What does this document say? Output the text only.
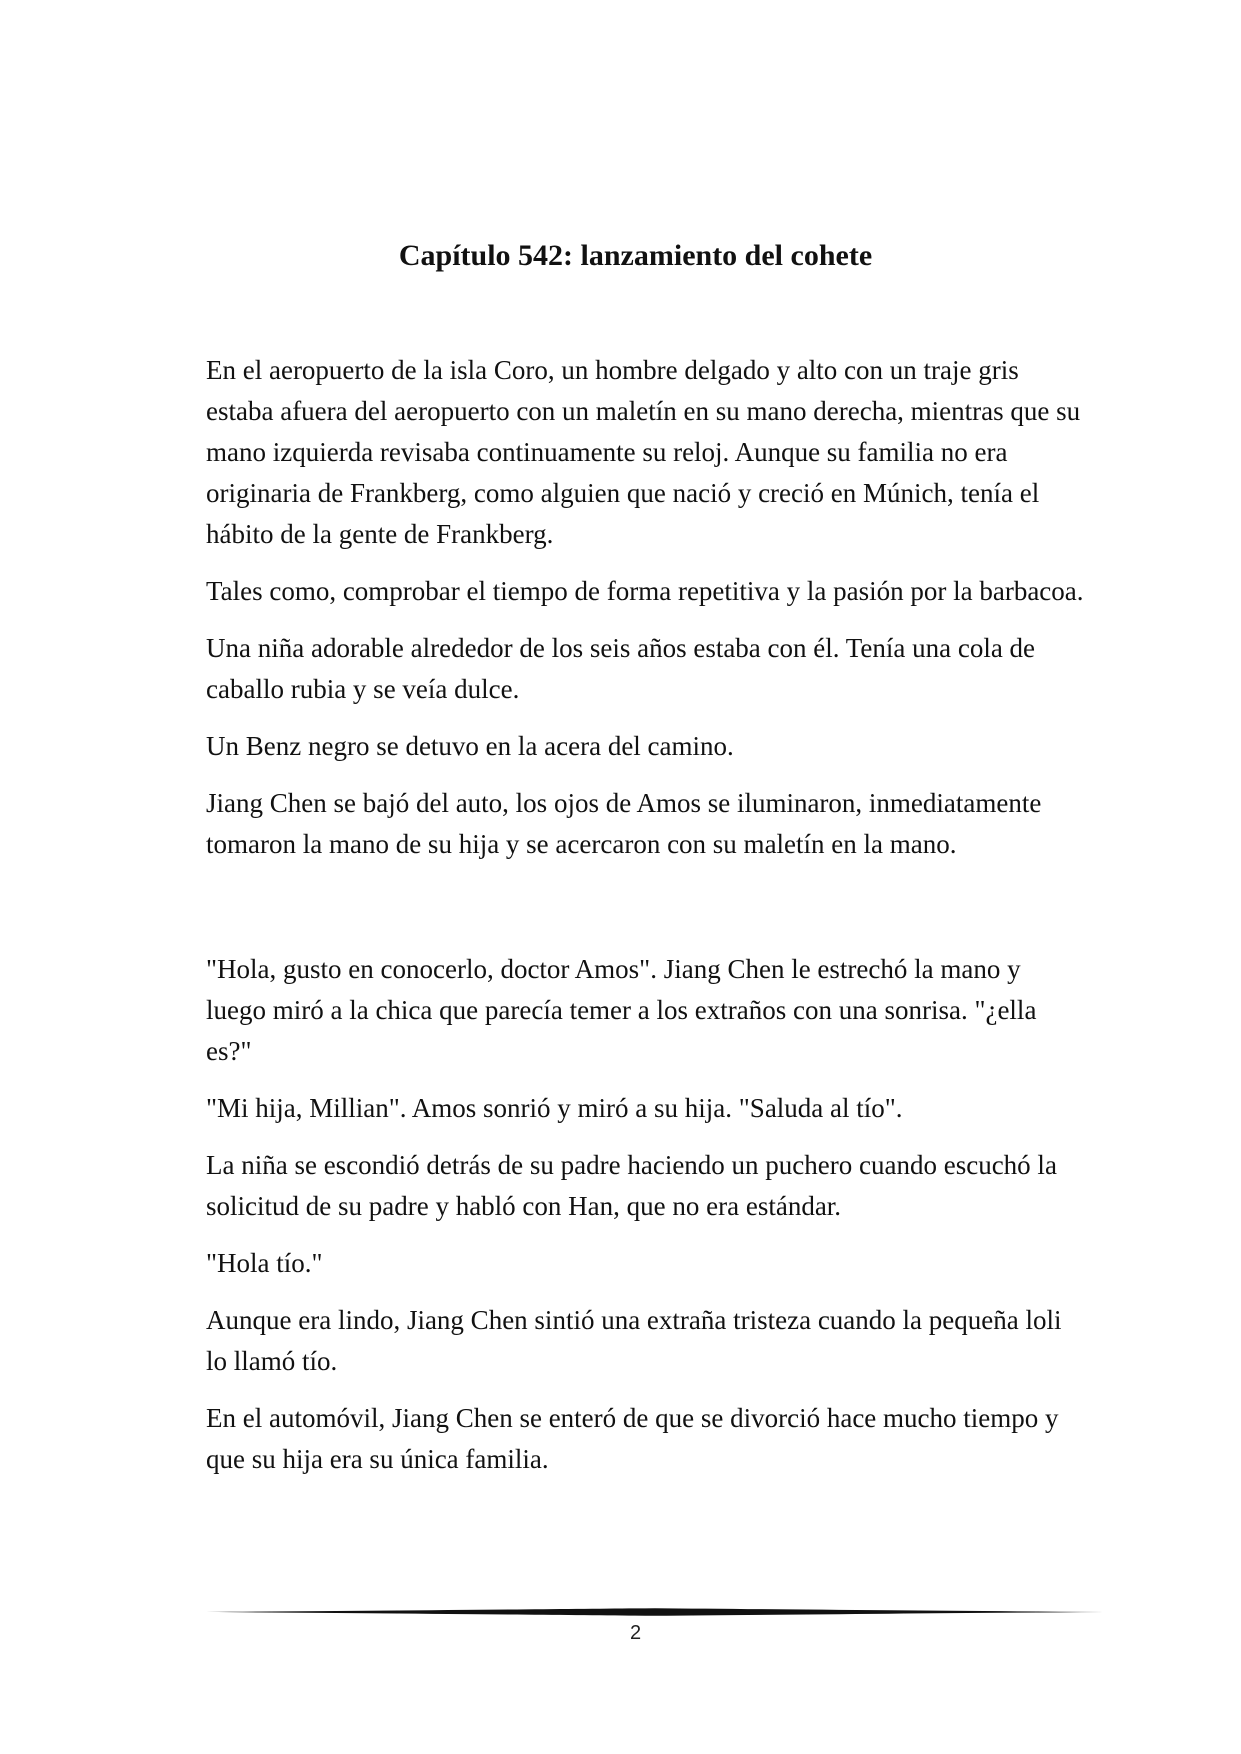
Capítulo 542: lanzamiento del cohete

En el aeropuerto de la isla Coro, un hombre delgado y alto con un traje gris estaba afuera del aeropuerto con un maletín en su mano derecha, mientras que su mano izquierda revisaba continuamente su reloj. Aunque su familia no era originaria de Frankberg, como alguien que nació y creció en Múnich, tenía el hábito de la gente de Frankberg.

Tales como, comprobar el tiempo de forma repetitiva y la pasión por la barbacoa.

Una niña adorable alrededor de los seis años estaba con él. Tenía una cola de caballo rubia y se veía dulce.

Un Benz negro se detuvo en la acera del camino.

Jiang Chen se bajó del auto, los ojos de Amos se iluminaron, inmediatamente tomaron la mano de su hija y se acercaron con su maletín en la mano.

"Hola, gusto en conocerlo, doctor Amos". Jiang Chen le estrechó la mano y luego miró a la chica que parecía temer a los extraños con una sonrisa. "¿ella es?"

"Mi hija, Millian". Amos sonrió y miró a su hija. "Saluda al tío".

La niña se escondió detrás de su padre haciendo un puchero cuando escuchó la solicitud de su padre y habló con Han, que no era estándar.

"Hola tío."

Aunque era lindo, Jiang Chen sintió una extraña tristeza cuando la pequeña loli lo llamó tío.

En el automóvil, Jiang Chen se enteró de que se divorció hace mucho tiempo y que su hija era su única familia.

2
